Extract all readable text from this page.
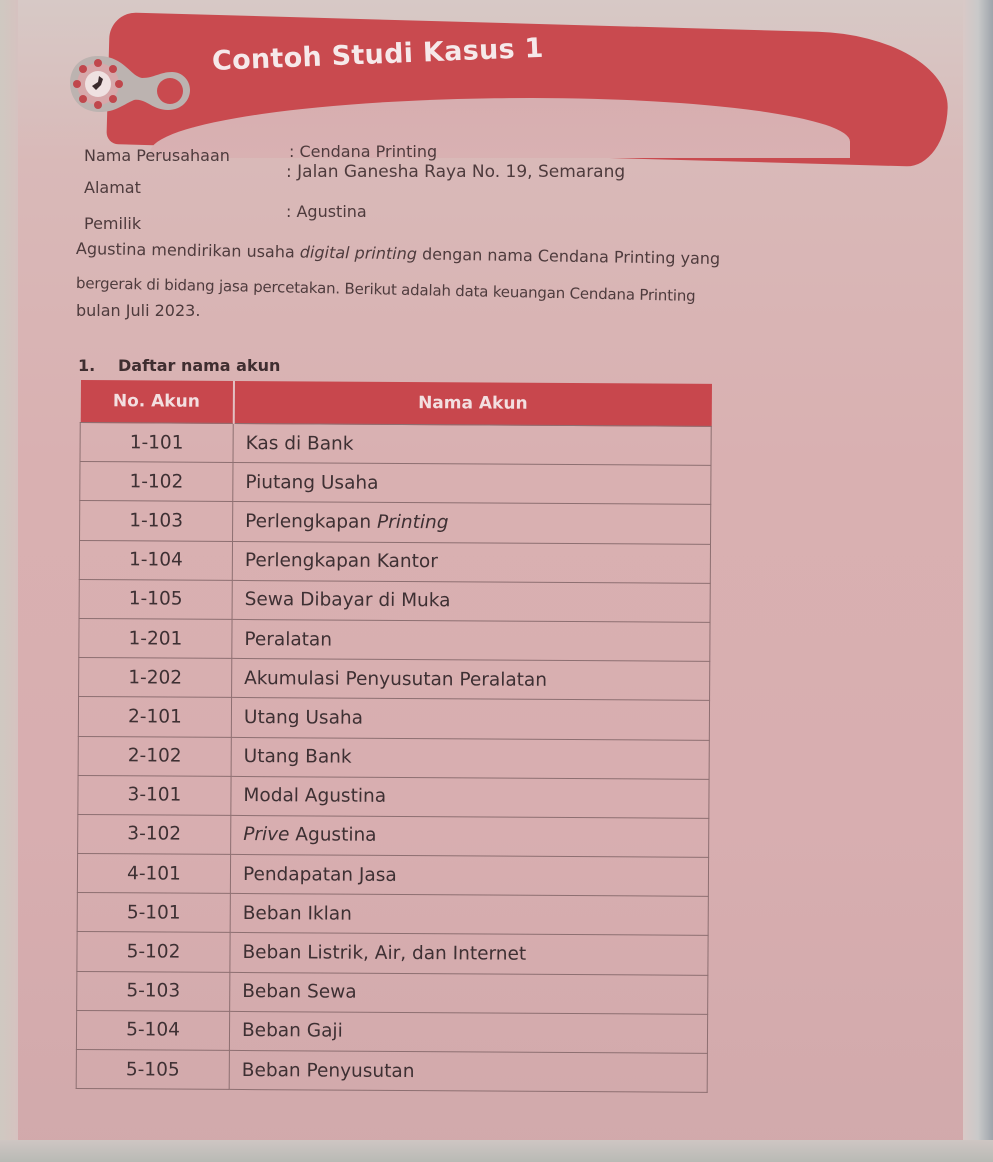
Contoh Studi Kasus 1
Nama Perusahaan	: Cendana Printing
Alamat
: Jalan Ganesha Raya No. 19, Semarang
Pemilik
: Agustina
Agustina mendirikan usaha digital printing dengan nama Cendana Printing yang
bergerak di bidang jasa percetakan. Berikut adalah data keuangan Cendana Printing
bulan Juli 2023.
1. Daftar nama akun
No. Akun	Nama Akun
1-101	Kas di Bank
1-102	Piutang Usaha
1-103	Perlengkapan Printing
1-104	Perlengkapan Kantor
1-105	Sewa Dibayar di Muka
1-201	Peralatan
1-202	Akumulasi Penyusutan Peralatan
2-101	Utang Usaha
2-102	Utang Bank
3-101	Modal Agustina
3-102	Prive Agustina
4-101	Pendapatan Jasa
5-101	Beban Iklan
5-102	Beban Listrik, Air, dan Internet
5-103	Beban Sewa
5-104	Beban Gaji
5-105	Beban Penyusutan
